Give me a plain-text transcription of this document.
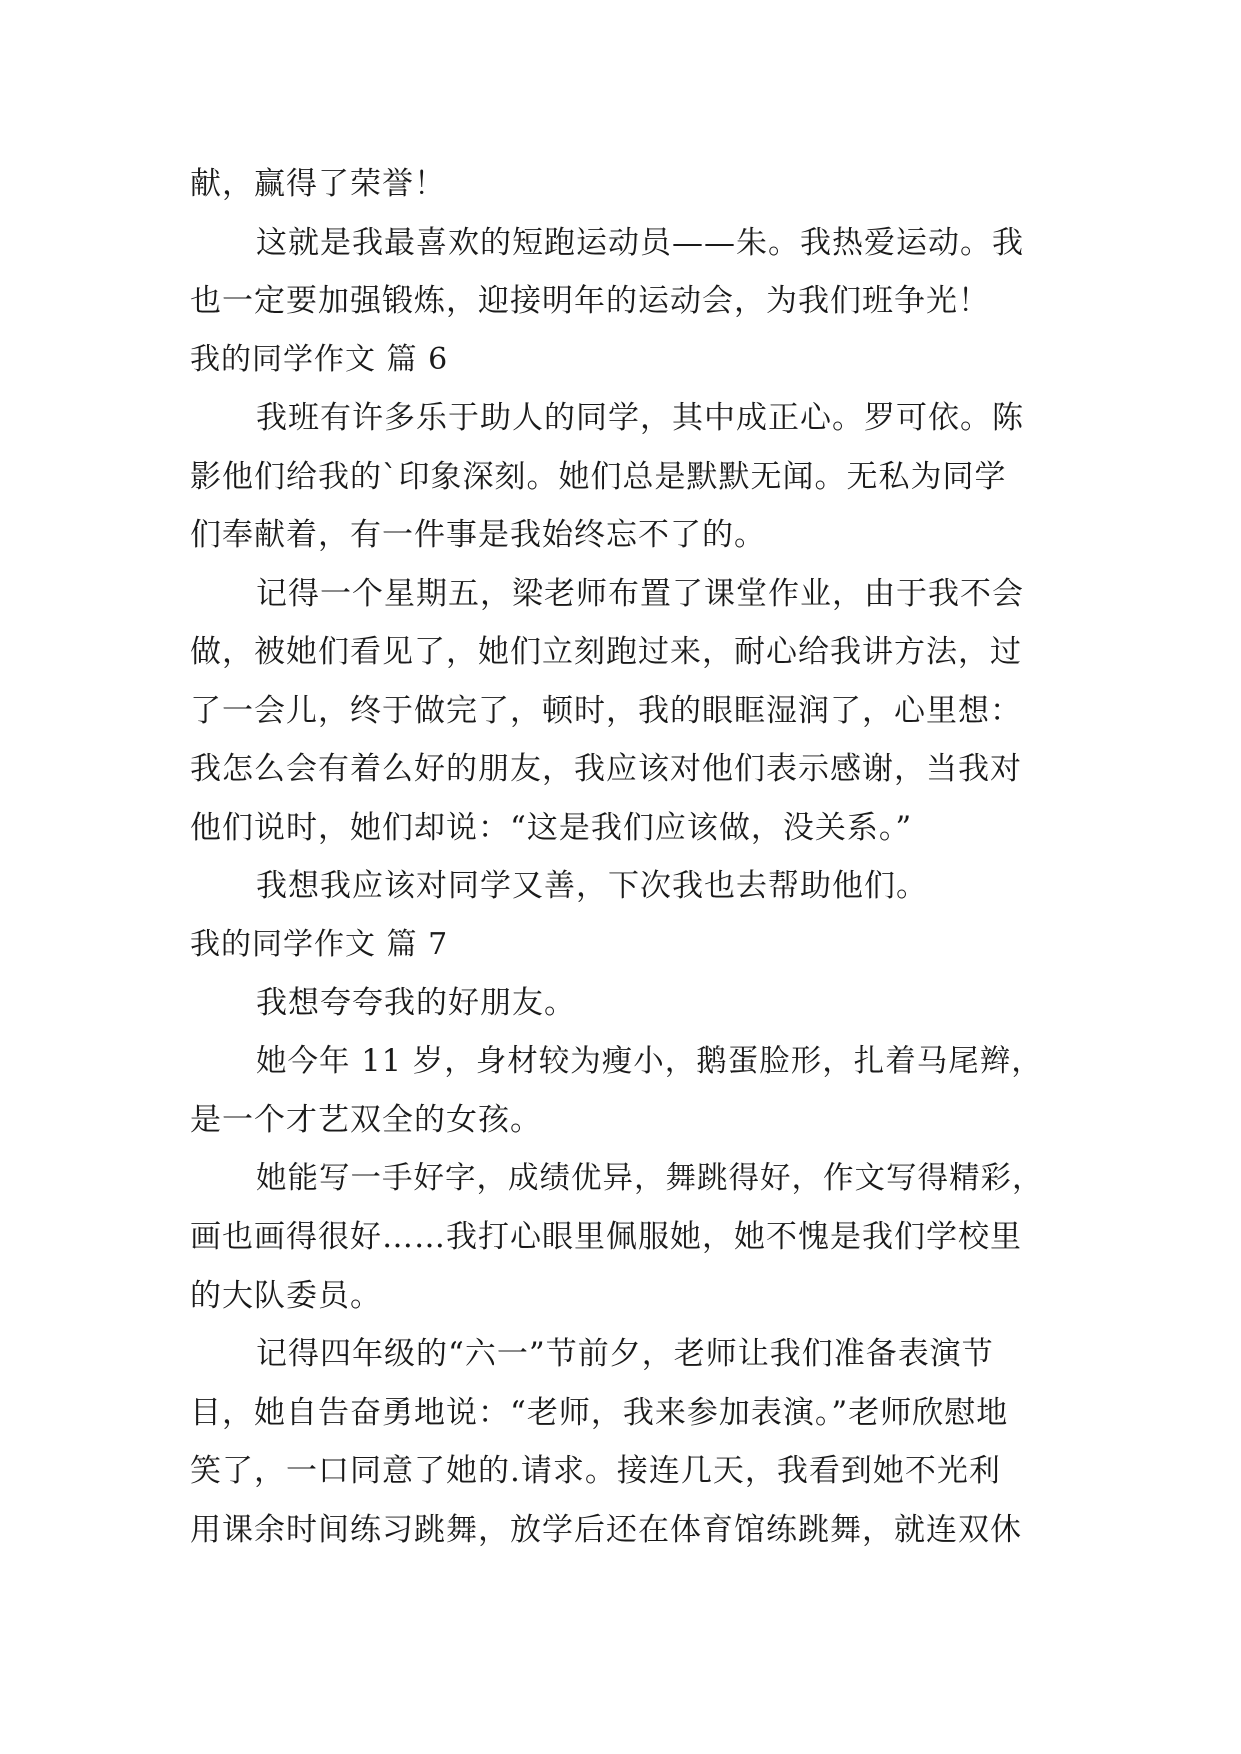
献，赢得了荣誉！
这就是我最喜欢的短跑运动员——朱。我热爱运动。我
也一定要加强锻炼，迎接明年的运动会，为我们班争光！
我的同学作文 篇 6
我班有许多乐于助人的同学，其中成正心。罗可依。陈
影他们给我的`印象深刻。她们总是默默无闻。无私为同学
们奉献着，有一件事是我始终忘不了的。
记得一个星期五，梁老师布置了课堂作业，由于我不会
做，被她们看见了，她们立刻跑过来，耐心给我讲方法，过
了一会儿，终于做完了，顿时，我的眼眶湿润了，心里想：
我怎么会有着么好的朋友，我应该对他们表示感谢，当我对
他们说时，她们却说：“这是我们应该做，没关系。”
我想我应该对同学又善，下次我也去帮助他们。
我的同学作文 篇 7
我想夸夸我的好朋友。
她今年 11 岁，身材较为瘦小，鹅蛋脸形，扎着马尾辫，
是一个才艺双全的女孩。
她能写一手好字，成绩优异，舞跳得好，作文写得精彩，
画也画得很好……我打心眼里佩服她，她不愧是我们学校里
的大队委员。
记得四年级的“六一”节前夕，老师让我们准备表演节
目，她自告奋勇地说：“老师，我来参加表演。”老师欣慰地
笑了，一口同意了她的.请求。接连几天，我看到她不光利
用课余时间练习跳舞，放学后还在体育馆练跳舞，就连双休
